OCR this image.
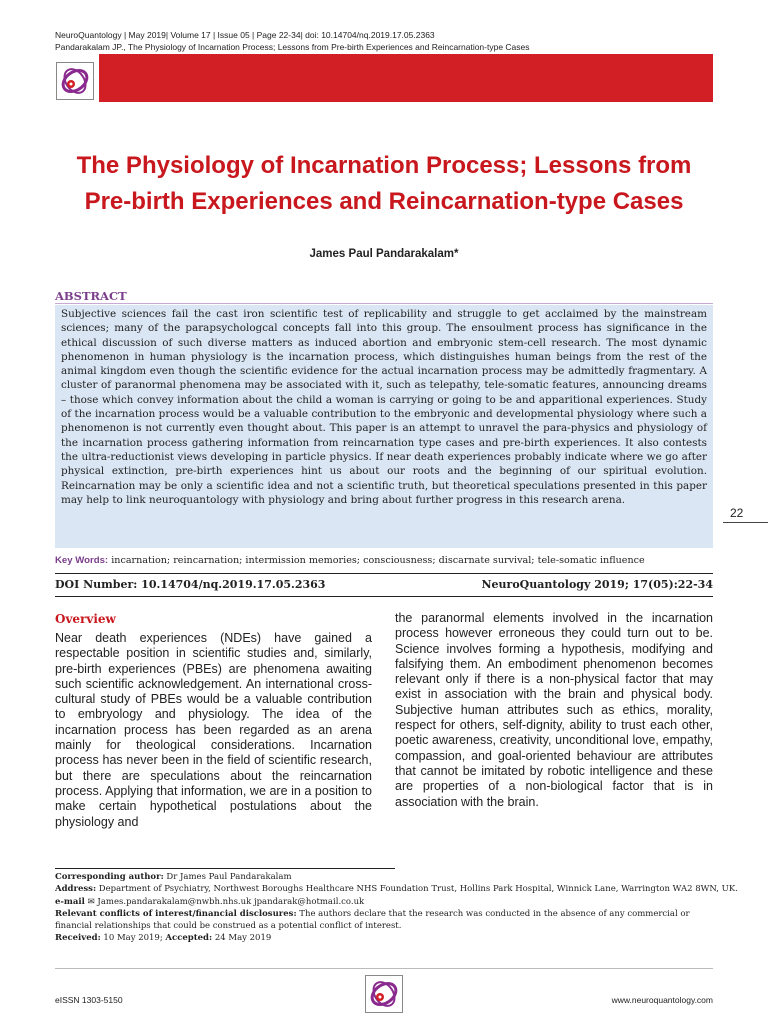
NeuroQuantology | May 2019| Volume 17 | Issue 05 | Page 22-34| doi: 10.14704/nq.2019.17.05.2363
Pandarakalam JP., The Physiology of Incarnation Process; Lessons from Pre-birth Experiences and Reincarnation-type Cases
The Physiology of Incarnation Process; Lessons from
Pre-birth Experiences and Reincarnation-type Cases
James Paul Pandarakalam*
ABSTRACT
Subjective sciences fail the cast iron scientific test of replicability and struggle to get acclaimed by the mainstream sciences; many of the parapsychologcal concepts fall into this group. The ensoulment process has significance in the ethical discussion of such diverse matters as induced abortion and embryonic stem-cell research. The most dynamic phenomenon in human physiology is the incarnation process, which distinguishes human beings from the rest of the animal kingdom even though the scientific evidence for the actual incarnation process may be admittedly fragmentary. A cluster of paranormal phenomena may be associated with it, such as telepathy, tele-somatic features, announcing dreams – those which convey information about the child a woman is carrying or going to be and apparitional experiences. Study of the incarnation process would be a valuable contribution to the embryonic and developmental physiology where such a phenomenon is not currently even thought about. This paper is an attempt to unravel the para-physics and physiology of the incarnation process gathering information from reincarnation type cases and pre-birth experiences. It also contests the ultra-reductionist views developing in particle physics. If near death experiences probably indicate where we go after physical extinction, pre-birth experiences hint us about our roots and the beginning of our spiritual evolution. Reincarnation may be only a scientific idea and not a scientific truth, but theoretical speculations presented in this paper may help to link neuroquantology with physiology and bring about further progress in this research arena.
22
Key Words: incarnation; reincarnation; intermission memories; consciousness; discarnate survival; tele-somatic influence
DOI Number: 10.14704/nq.2019.17.05.2363	NeuroQuantology 2019; 17(05):22-34

Overview

Near death experiences (NDEs) have gained a respectable position in scientific studies and, similarly, pre-birth experiences (PBEs) are phenomena awaiting such scientific acknowledgement. An international cross-cultural study of PBEs would be a valuable contribution to embryology and physiology. The idea of the incarnation process has been regarded as an arena mainly for theological considerations. Incarnation process has never been in the field of scientific research, but there are speculations about the reincarnation process. Applying that information, we are in a position to make certain hypothetical postulations about the physiology and

the paranormal elements involved in the incarnation process however erroneous they could turn out to be. Science involves forming a hypothesis, modifying and falsifying them. An embodiment phenomenon becomes relevant only if there is a non-physical factor that may exist in association with the brain and physical body. Subjective human attributes such as ethics, morality, respect for others, self-dignity, ability to trust each other, poetic awareness, creativity, unconditional love, empathy, compassion, and goal-oriented behaviour are attributes that cannot be imitated by robotic intelligence and these are properties of a non-biological factor that is in association with the brain.

Corresponding author: Dr James Paul Pandarakalam
Address: Department of Psychiatry, Northwest Boroughs Healthcare NHS Foundation Trust, Hollins Park Hospital, Winnick Lane, Warrington WA2 8WN, UK.
e-mail ✉ James.pandarakalam@nwbh.nhs.uk jpandarak@hotmail.co.uk
Relevant conflicts of interest/financial disclosures: The authors declare that the research was conducted in the absence of any commercial or
financial relationships that could be construed as a potential conflict of interest.
Received: 10 May 2019; Accepted: 24 May 2019
eISSN 1303-5150	www.neuroquantology.com
